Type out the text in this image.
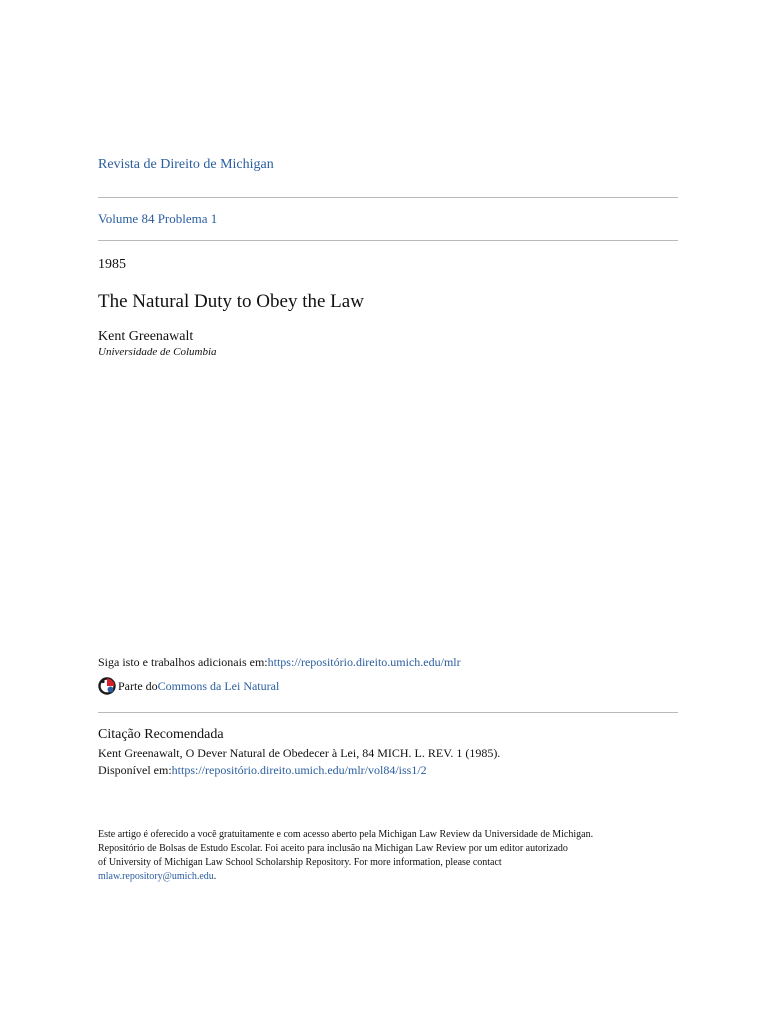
Revista de Direito de Michigan
Volume 84 Problema 1
1985
The Natural Duty to Obey the Law
Kent Greenawalt
Universidade de Columbia
Siga isto e trabalhos adicionais em:https://repositório.direito.umich.edu/mlr
Parte do Commons da Lei Natural
Citação Recomendada
Kent Greenawalt, O Dever Natural de Obedecer à Lei, 84 MICH. L. REV. 1 (1985).
Disponível em:https://repositório.direito.umich.edu/mlr/vol84/iss1/2
Este artigo é oferecido a você gratuitamente e com acesso aberto pela Michigan Law Review da Universidade de Michigan.
Repositório de Bolsas de Estudo Escolar. Foi aceito para inclusão na Michigan Law Review por um editor autorizado
of University of Michigan Law School Scholarship Repository. For more information, please contact
mlaw.repository@umich.edu.
